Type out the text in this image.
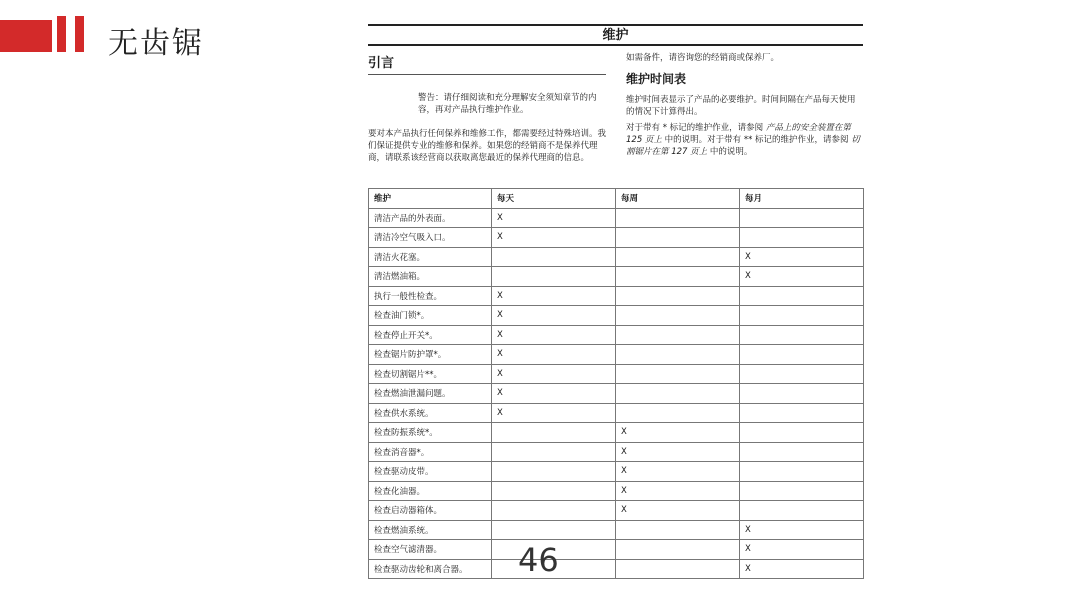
无齿锯	维护
引言
警告：请仔细阅读和充分理解安全须知章节的内容，再对产品执行维护作业。
要对本产品执行任何保养和维修工作，都需要经过特殊培训。我们保证提供专业的维修和保养。如果您的经销商不是保养代理商，请联系该经营商以获取离您最近的保养代理商的信息。
如需备件，请咨询您的经销商或保养厂。
维护时间表
维护时间表显示了产品的必要维护。时间间隔在产品每天使用的情况下计算得出。
对于带有 * 标记的维护作业，请参阅 产品上的安全装置在第 125 页上 中的说明。对于带有 ** 标记的维护作业，请参阅 切割锯片在第 127 页上 中的说明。
维护	每天	每周	每月
清洁产品的外表面。	X		
清洁冷空气吸入口。	X		
清洁火花塞。			X
清洁燃油箱。			X
执行一般性检查。	X		
检查油门锁*。	X		
检查停止开关*。	X		
检查锯片防护罩*。	X		
检查切割锯片**。	X		
检查燃油泄漏问题。	X		
检查供水系统。	X		
检查防振系统*。		X	
检查消音器*。		X	
检查驱动皮带。		X	
检查化油器。		X	
检查启动器箱体。		X	
检查燃油系统。			X
检查空气滤清器。			X
检查驱动齿轮和离合器。			X
46
